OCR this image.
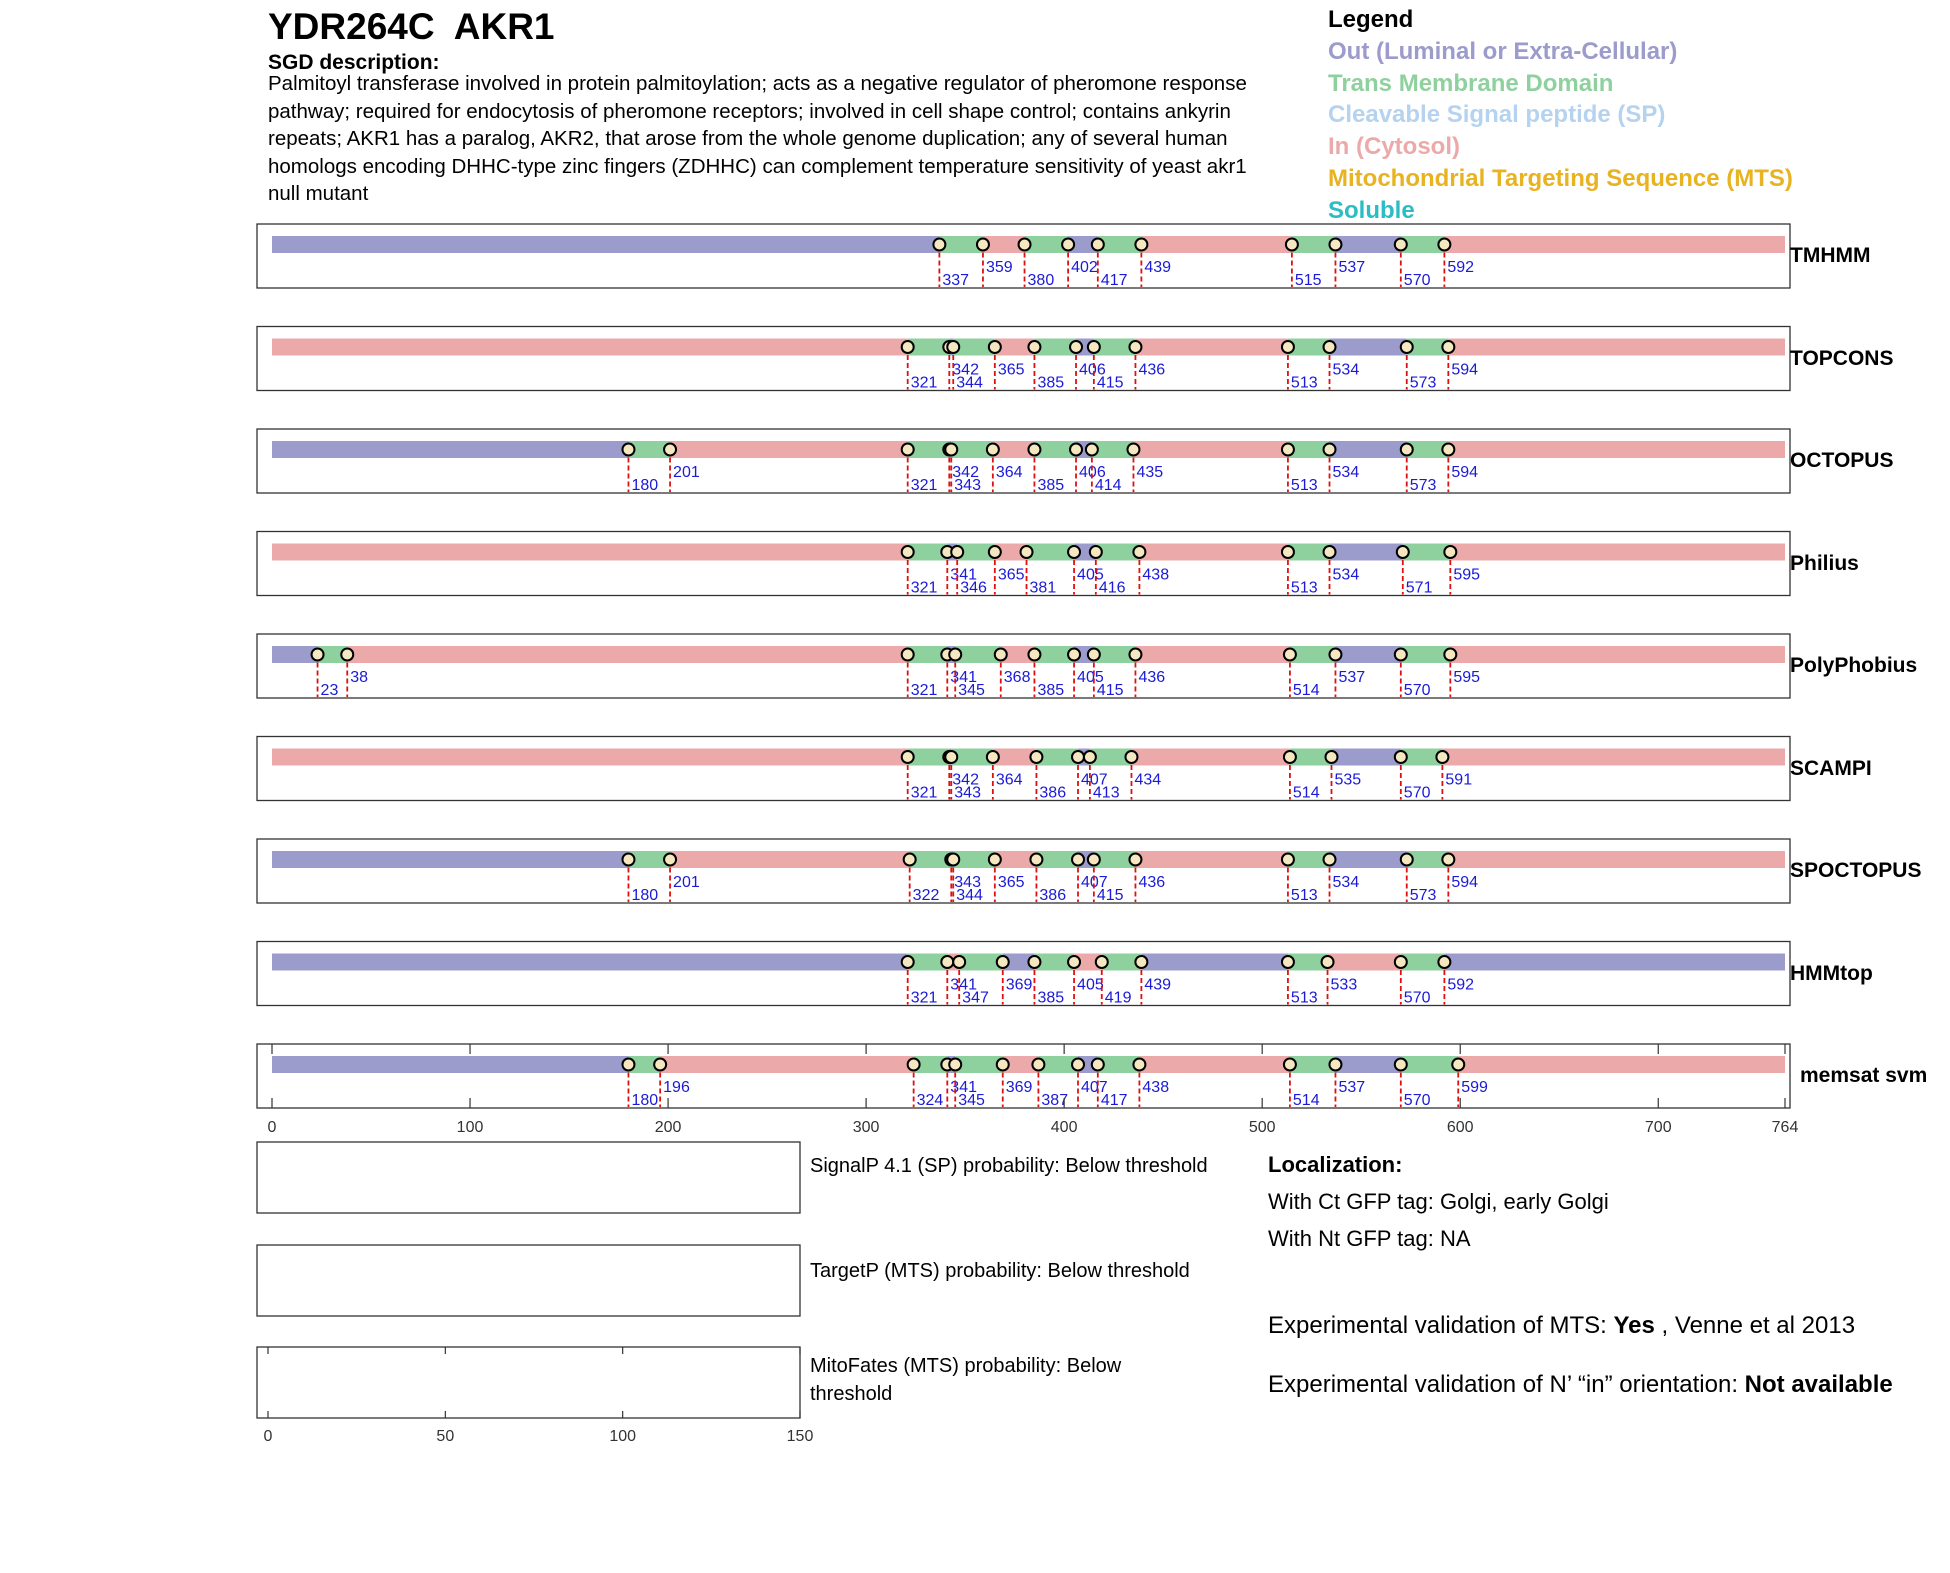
YDR264C AKR1
SGD description:
Palmitoyl transferase involved in protein palmitoylation; acts as a negative regulator of pheromone response pathway; required for endocytosis of pheromone receptors; involved in cell shape control; contains ankyrin repeats; AKR1 has a paralog, AKR2, that arose from the whole genome duplication; any of several human homologs encoding DHHC-type zinc fingers (ZDHHC) can complement temperature sensitivity of yeast akr1 null mutant
Legend
Out (Luminal or Extra-Cellular)
Trans Membrane Domain
Cleavable Signal peptide (SP)
In (Cytosol)
Mitochondrial Targeting Sequence (MTS)
Soluble
337
359
380
402
417
439
515
537
570
592
321
342
344
365
385
406
415
436
513
534
573
594
180
201
321
342
343
364
385
406
414
435
513
534
573
594
321
341
346
365
381
405
416
438
513
534
571
595
23
38
321
341
345
368
385
405
415
436
514
537
570
595
321
342
343
364
386
407
413
434
514
535
570
591
180
201
322
343
344
365
386
407
415
436
513
534
573
594
321
341
347
369
385
405
419
439
513
533
570
592
180
196
324
341
345
369
387
407
417
438
514
537
570
599
0	100	200	300	400	500	600	700	764
0	50	100	150
SignalP 4.1 (SP) probability: Below threshold
TargetP (MTS) probability: Below threshold
MitoFates (MTS) probability: Below threshold
Localization:
With Ct GFP tag: Golgi, early Golgi
With Nt GFP tag: NA
Experimental validation of MTS: Yes , Venne et al 2013
Experimental validation of N’ “in” orientation: Not available
TMHMM
TOPCONS
OCTOPUS
Philius
PolyPhobius
SCAMPI
SPOCTOPUS
HMMtop
memsat svm
